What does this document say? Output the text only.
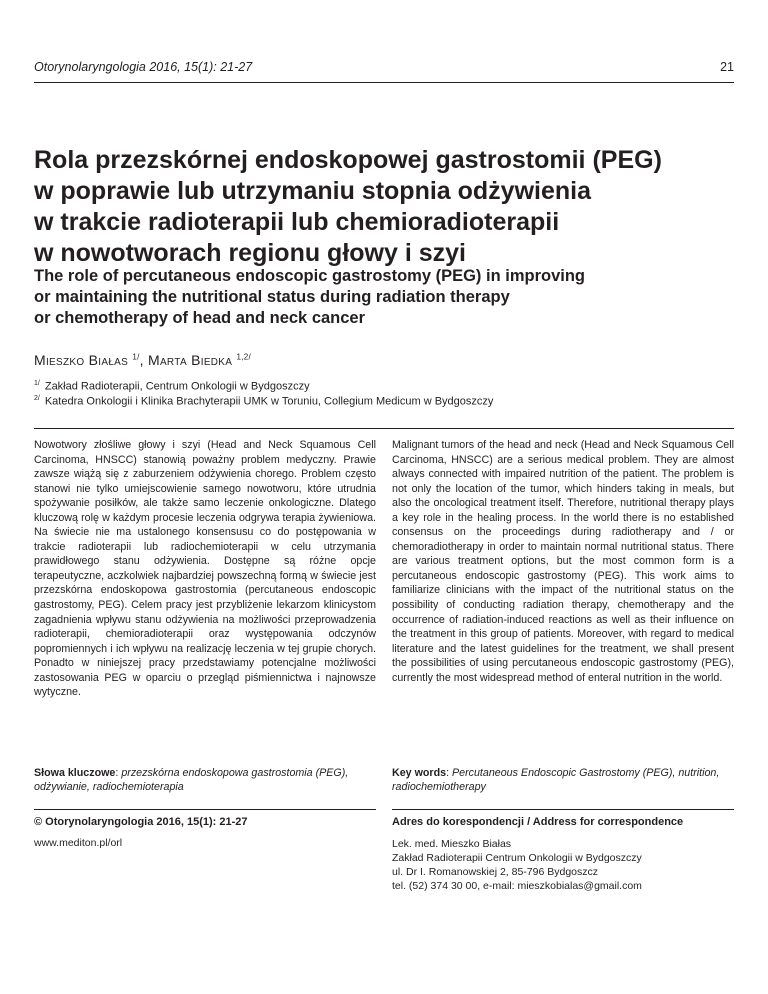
Otorynolaryngologia 2016, 15(1): 21-27	21
Rola przezskórnej endoskopowej gastrostomii (PEG)
w poprawie lub utrzymaniu stopnia odżywienia
w trakcie radioterapii lub chemioradioterapii
w nowotworach regionu głowy i szyi
The role of percutaneous endoscopic gastrostomy (PEG) in improving
or maintaining the nutritional status during radiation therapy
or chemotherapy of head and neck cancer
Mieszko Białas $^{1/}$, Marta Biedka $^{1,2/}$
$^{1/}$ Zakład Radioterapii, Centrum Onkologii w Bydgoszczy
$^{2/}$ Katedra Onkologii i Klinika Brachyterapii UMK w Toruniu, Collegium Medicum w Bydgoszczy

Nowotwory złośliwe głowy i szyi (Head and Neck Squamous Cell Carcinoma, HNSCC) stanowią poważny problem medyczny. Prawie zawsze wiążą się z zaburzeniem odżywienia chorego. Problem często stanowi nie tylko umiejscowienie samego nowotworu, które utrudnia spożywanie posiłków, ale także samo leczenie onkologiczne. Dlatego kluczową rolę w każdym procesie leczenia odgrywa terapia żywieniowa. Na świecie nie ma ustalonego konsensusu co do postępowania w trakcie radioterapii lub radiochemioterapii w celu utrzymania prawidłowego stanu odżywienia. Dostępne są różne opcje terapeutyczne, aczkolwiek najbardziej powszechną formą w świecie jest przezskórna endoskopowa gastrostomia (percutaneous endoscopic gastrostomy, PEG). Celem pracy jest przybliżenie lekarzom klinicystom zagadnienia wpływu stanu odżywienia na możliwości przeprowadzenia radioterapii, chemioradioterapii oraz występowania odczynów popromiennych i ich wpływu na realizację leczenia w tej grupie chorych. Ponadto w niniejszej pracy przedstawiamy potencjalne możliwości zastosowania PEG w oparciu o przegląd piśmiennictwa i najnowsze wytyczne.

Malignant tumors of the head and neck (Head and Neck Squamous Cell Carcinoma, HNSCC) are a serious medical problem. They are almost always connected with impaired nutrition of the patient. The problem is not only the location of the tumor, which hinders taking in meals, but also the oncological treatment itself. Therefore, nutritional therapy plays a key role in the healing process. In the world there is no established consensus on the proceedings during radiotherapy and / or chemoradiotherapy in order to maintain normal nutritional status. There are various treatment options, but the most common form is a percutaneous endoscopic gastrostomy (PEG). This work aims to familiarize clinicians with the impact of the nutritional status on the possibility of conducting radiation therapy, chemotherapy and the occurrence of radiation-induced reactions as well as their influence on the treatment in this group of patients. Moreover, with regard to medical literature and the latest guidelines for the treatment, we shall present the possibilities of using percutaneous endoscopic gastrostomy (PEG), currently the most widespread method of enteral nutrition in the world.

Słowa kluczowe: przezskórna endoskopowa gastrostomia (PEG), odżywianie, radiochemioterapia
Key words: Percutaneous Endoscopic Gastrostomy (PEG), nutrition, radiochemiotherapy
© Otorynolaryngologia 2016, 15(1): 21-27
www.mediton.pl/orl
Adres do korespondencji / Address for correspondence
Lek. med. Mieszko Białas
Zakład Radioterapii Centrum Onkologii w Bydgoszczy
ul. Dr I. Romanowskiej 2, 85-796 Bydgoszcz
tel. (52) 374 30 00, e-mail: mieszkobialas@gmail.com
